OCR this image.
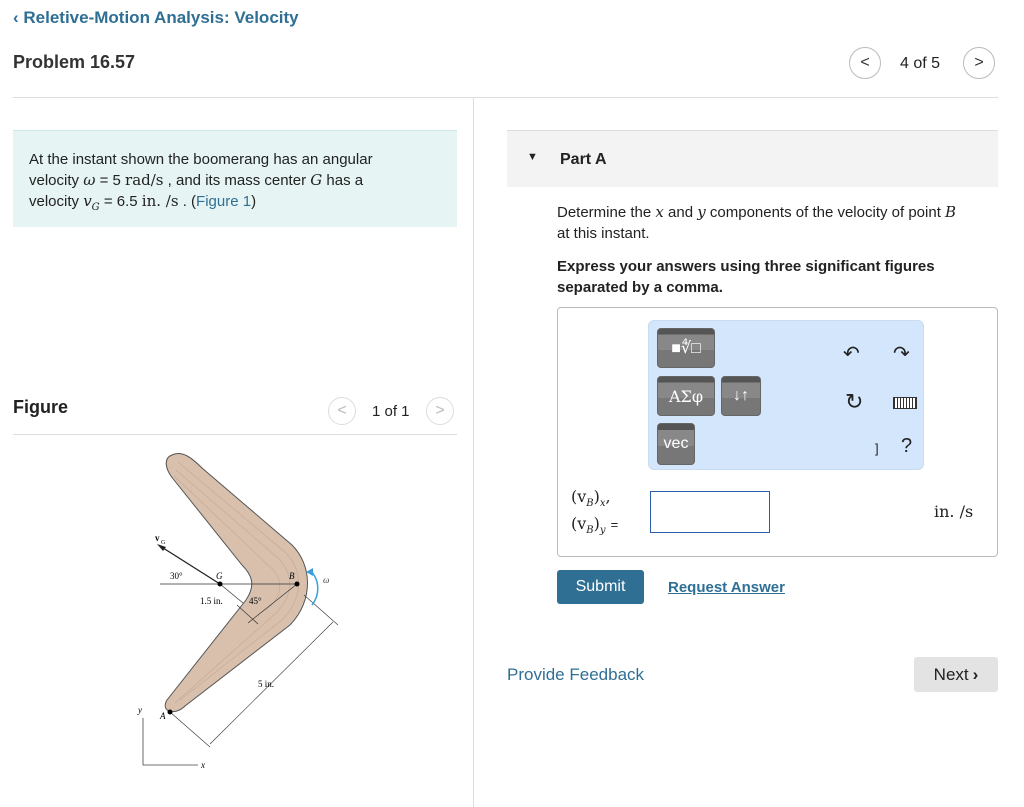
‹ Reletive-Motion Analysis: Velocity
Problem 16.57	< 4 of 5 >
At the instant shown the boomerang has an angular
velocity ω = 5 rad/s , and its mass center G has a
velocity $v_G = 6.5$ in. /s . (Figure 1)
Figure	< 1 of 1 >
v G
30°	G	B	ω
1.5 in.	45°
5 in.
A
y
x
▼ Part A
Determine the x and y components of the velocity of point B
at this instant.
Express your answers using three significant figures separated by a comma.
■∜□
ΑΣφ ↓↑
vec
↶ ↷
↻
] ?
$(v_B)_x$,
$(v_B)_y$ =
in. /s
Submit	Request Answer
Provide Feedback	Next ›
